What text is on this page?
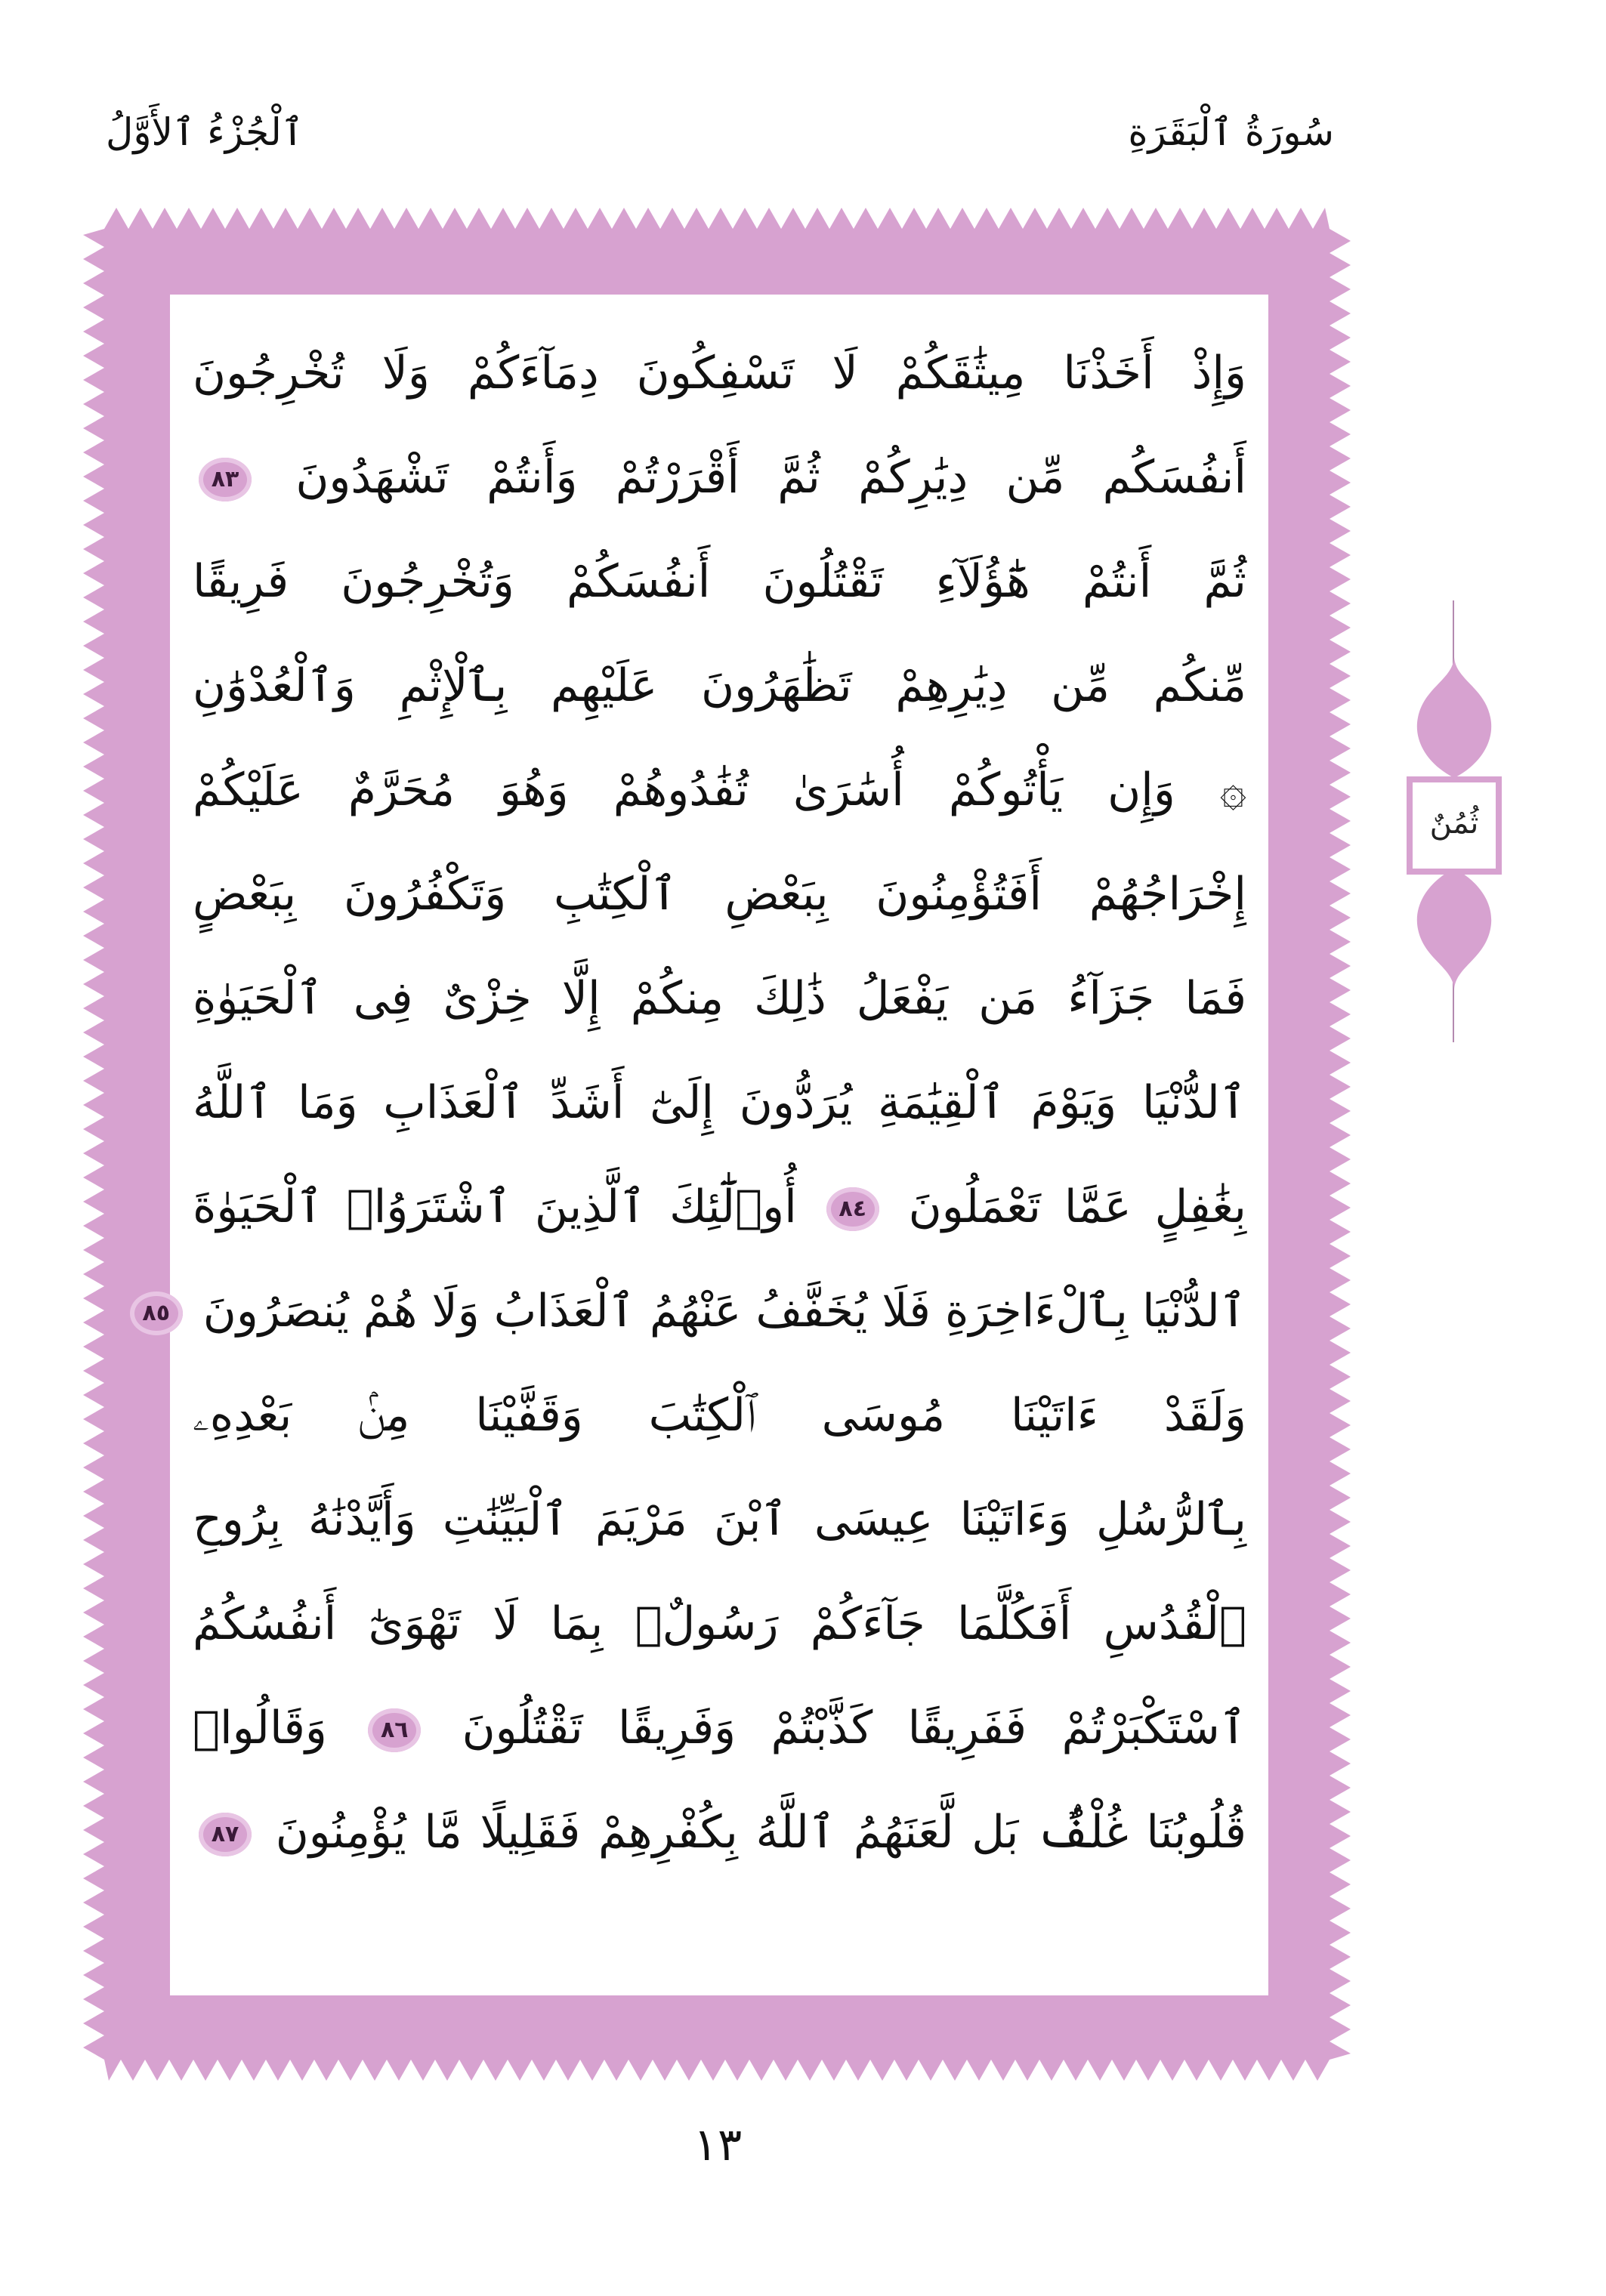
سُورَةُ ٱلْبَقَرَةِ
ٱلْجُزْءُ ٱلأَوَّلُ
وَإِذْ أَخَذْنَا مِيثَٰقَكُمْ لَا تَسْفِكُونَ دِمَآءَكُمْ وَلَا تُخْرِجُونَ
أَنفُسَكُم مِّن دِيَٰرِكُمْ ثُمَّ أَقْرَرْتُمْ وَأَنتُمْ تَشْهَدُونَ ٨٣
ثُمَّ أَنتُمْ هَٰٓؤُلَآءِ تَقْتُلُونَ أَنفُسَكُمْ وَتُخْرِجُونَ فَرِيقًا
مِّنكُم مِّن دِيَٰرِهِمْ تَظَٰهَرُونَ عَلَيْهِم بِٱلْإِثْمِ وَٱلْعُدْوَٰنِ
۞ وَإِن يَأْتُوكُمْ أُسَٰرَىٰ تُفَٰدُوهُمْ وَهُوَ مُحَرَّمٌ عَلَيْكُمْ
إِخْرَاجُهُمْ أَفَتُؤْمِنُونَ بِبَعْضِ ٱلْكِتَٰبِ وَتَكْفُرُونَ بِبَعْضٍ
فَمَا جَزَآءُ مَن يَفْعَلُ ذَٰلِكَ مِنكُمْ إِلَّا خِزْىٌ فِى ٱلْحَيَوٰةِ
ٱلدُّنْيَا وَيَوْمَ ٱلْقِيَٰمَةِ يُرَدُّونَ إِلَىٰٓ أَشَدِّ ٱلْعَذَابِ وَمَا ٱللَّهُ
بِغَٰفِلٍ عَمَّا تَعْمَلُونَ ٨٤ أُو۟لَٰٓئِكَ ٱلَّذِينَ ٱشْتَرَوُا۟ ٱلْحَيَوٰةَ
ٱلدُّنْيَا بِٱلْءَاخِرَةِ فَلَا يُخَفَّفُ عَنْهُمُ ٱلْعَذَابُ وَلَا هُمْ يُنصَرُونَ ٨٥
وَلَقَدْ ءَاتَيْنَا مُوسَى ٱلْكِتَٰبَ وَقَفَّيْنَا مِنۢ بَعْدِهِۦ
بِٱلرُّسُلِ وَءَاتَيْنَا عِيسَى ٱبْنَ مَرْيَمَ ٱلْبَيِّنَٰتِ وَأَيَّدْنَٰهُ بِرُوحِ
ٱلْقُدُسِ أَفَكُلَّمَا جَآءَكُمْ رَسُولٌۢ بِمَا لَا تَهْوَىٰٓ أَنفُسُكُمُ
ٱسْتَكْبَرْتُمْ فَفَرِيقًا كَذَّبْتُمْ وَفَرِيقًا تَقْتُلُونَ ٨٦ وَقَالُوا۟
قُلُوبُنَا غُلْفٌۢ بَل لَّعَنَهُمُ ٱللَّهُ بِكُفْرِهِمْ فَقَلِيلًا مَّا يُؤْمِنُونَ ٨٧
ثُمُنٌ
١٣
